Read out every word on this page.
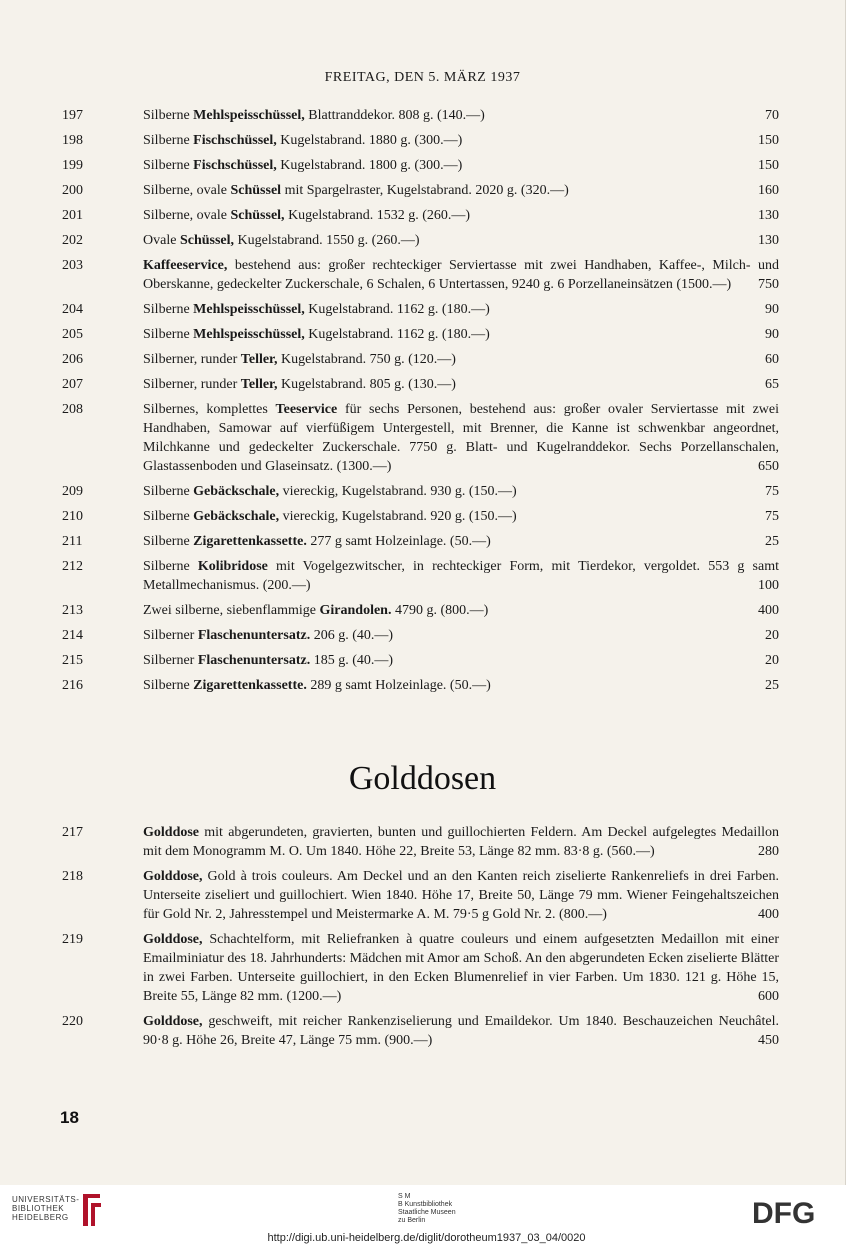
FREITAG, DEN 5. MÄRZ 1937
197	Silberne Mehlspeisschüssel, Blattranddekor. 808 g. (140.—)	70
198	Silberne Fischschüssel, Kugelstabrand. 1880 g. (300.—)	150
199	Silberne Fischschüssel, Kugelstabrand. 1800 g. (300.—)	150
200	Silberne, ovale Schüssel mit Spargelraster, Kugelstabrand. 2020 g. (320.—)	160
201	Silberne, ovale Schüssel, Kugelstabrand. 1532 g. (260.—)	130
202	Ovale Schüssel, Kugelstabrand. 1550 g. (260.—)	130
203	Kaffeeservice, bestehend aus: großer rechteckiger Serviertasse mit zwei Handhaben, Kaffee-, Milch- und Oberskanne, gedeckelter Zuckerschale, 6 Schalen, 6 Untertassen, 9240 g. 6 Porzellaneinsätzen (1500.—) 750
204	Silberne Mehlspeisschüssel, Kugelstabrand. 1162 g. (180.—)	90
205	Silberne Mehlspeisschüssel, Kugelstabrand. 1162 g. (180.—)	90
206	Silberner, runder Teller, Kugelstabrand. 750 g. (120.—)	60
207	Silberner, runder Teller, Kugelstabrand. 805 g. (130.—)	65
208	Silbernes, komplettes Teeservice für sechs Personen, bestehend aus: großer ovaler Serviertasse mit zwei Handhaben, Samowar auf vierfüßigem Untergestell, mit Brenner, die Kanne ist schwenkbar angeordnet, Milchkanne und gedeckelter Zuckerschale. 7750 g. Blatt- und Kugelranddekor. Sechs Porzellanschalen, Glastassenboden und Glaseinsatz. (1300.—)	650
209	Silberne Gebäckschale, viereckig, Kugelstabrand. 930 g. (150.—)	75
210	Silberne Gebäckschale, viereckig, Kugelstabrand. 920 g. (150.—)	75
211	Silberne Zigarettenkassette. 277 g samt Holzeinlage. (50.—)	25
212	Silberne Kolibridose mit Vogelgezwitscher, in rechteckiger Form, mit Tierdekor, vergoldet. 553 g samt Metallmechanismus. (200.—)	100
213	Zwei silberne, siebenflammige Girandolen. 4790 g. (800.—)	400
214	Silberner Flaschenuntersatz. 206 g. (40.—)	20
215	Silberner Flaschenuntersatz. 185 g. (40.—)	20
216	Silberne Zigarettenkassette. 289 g samt Holzeinlage. (50.—)	25
Golddosen
217	Golddose mit abgerundeten, gravierten, bunten und guillochierten Feldern. Am Deckel aufgelegtes Medaillon mit dem Monogramm M. O. Um 1840. Höhe 22, Breite 53, Länge 82 mm. 83·8 g. (560.—)	280
218	Golddose, Gold à trois couleurs. Am Deckel und an den Kanten reich ziselierte Rankenreliefs in drei Farben. Unterseite ziseliert und guillochiert. Wien 1840. Höhe 17, Breite 50, Länge 79 mm. Wiener Feingehaltszeichen für Gold Nr. 2, Jahresstempel und Meistermarke A. M. 79·5 g Gold Nr. 2. (800.—)	400
219	Golddose, Schachtelform, mit Reliefranken à quatre couleurs und einem aufgesetzten Medaillon mit einer Emailminiatur des 18. Jahrhunderts: Mädchen mit Amor am Schoß. An den abgerundeten Ecken ziselierte Blätter in zwei Farben. Unterseite guillochiert, in den Ecken Blumenrelief in vier Farben. Um 1830. 121 g. Höhe 15, Breite 55, Länge 82 mm. (1200.—)	600
220	Golddose, geschweift, mit reicher Rankenziselierung und Emaildekor. Um 1840. Beschauzeichen Neuchâtel. 90·8 g. Höhe 26, Breite 47, Länge 75 mm. (900.—)	450
18
UNIVERSITÄTS-
BIBLIOTHEK
HEIDELBERG
S M
B Kunstbibliothek
Staatliche Museen
zu Berlin	DFG
http://digi.ub.uni-heidelberg.de/diglit/dorotheum1937_03_04/0020
